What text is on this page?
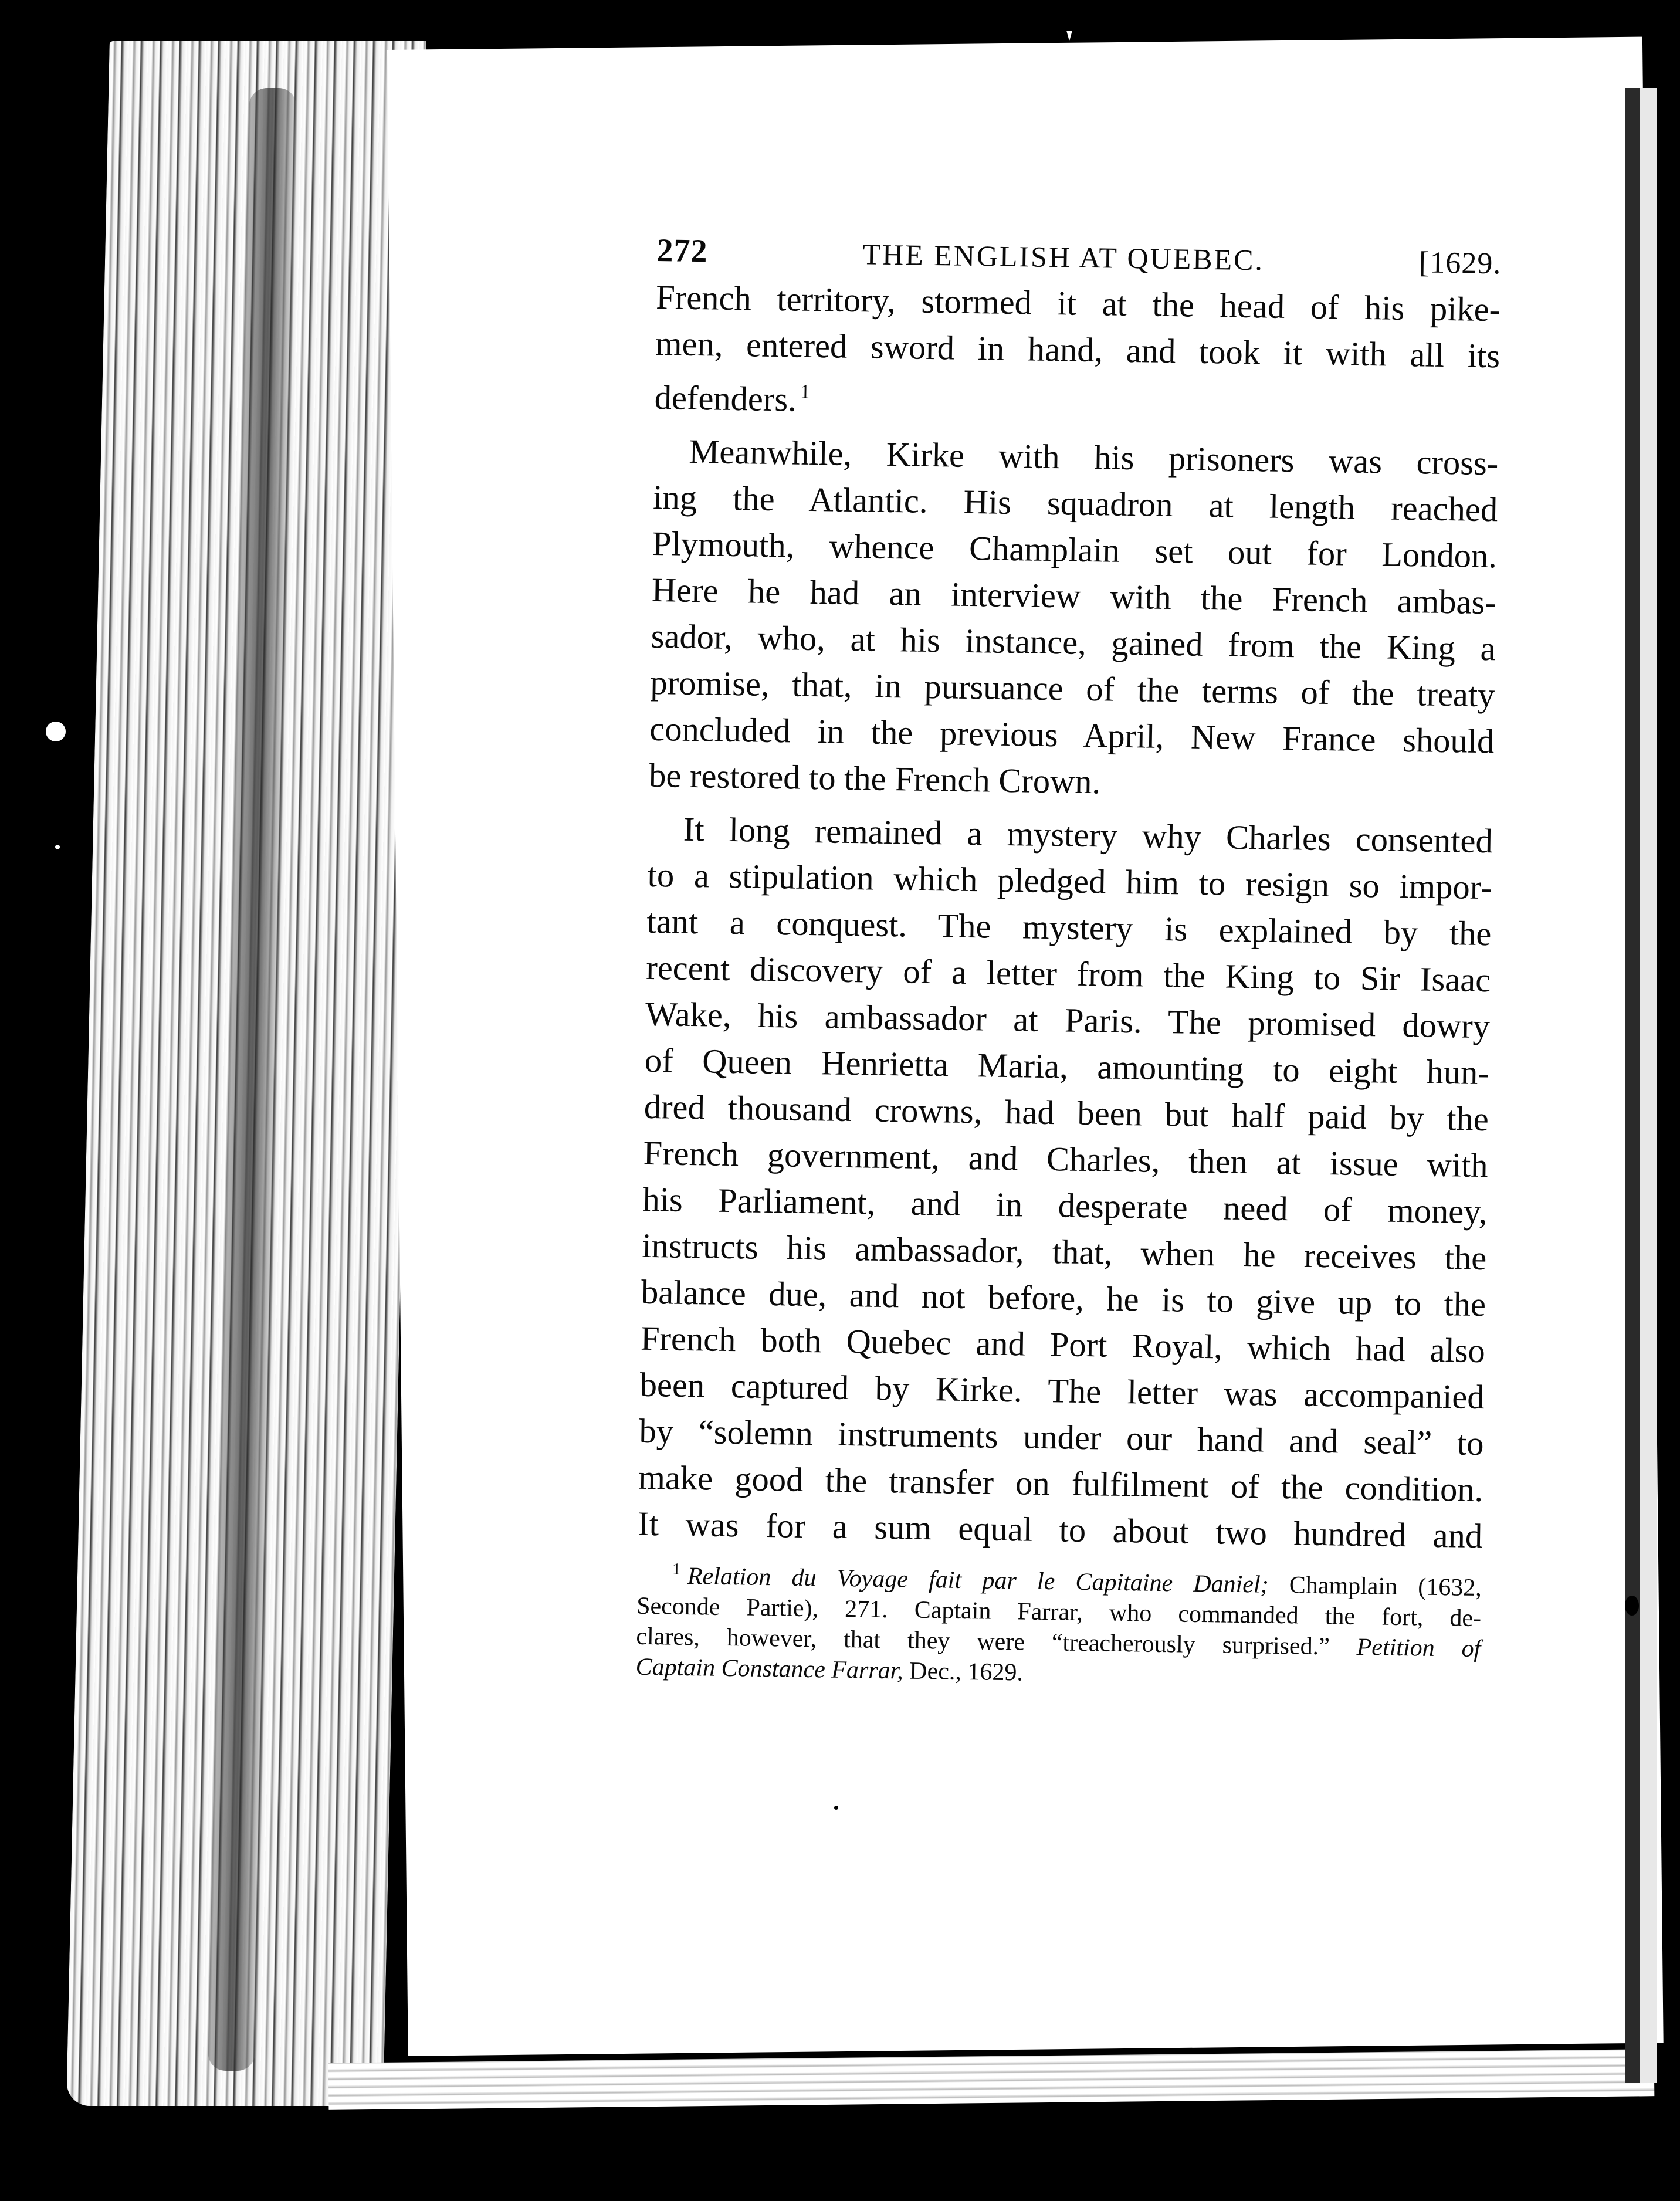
272	THE ENGLISH AT QUEBEC.	[1629.
French territory, stormed it at the head of his pike-
men, entered sword in hand, and took it with all its
defenders. $^1$
Meanwhile, Kirke with his prisoners was cross-
ing the Atlantic. His squadron at length reached
Plymouth, whence Champlain set out for London.
Here he had an interview with the French ambas-
sador, who, at his instance, gained from the King a
promise, that, in pursuance of the terms of the treaty
concluded in the previous April, New France should
be restored to the French Crown.
It long remained a mystery why Charles consented
to a stipulation which pledged him to resign so impor-
tant a conquest. The mystery is explained by the
recent discovery of a letter from the King to Sir Isaac
Wake, his ambassador at Paris. The promised dowry
of Queen Henrietta Maria, amounting to eight hun-
dred thousand crowns, had been but half paid by the
French government, and Charles, then at issue with
his Parliament, and in desperate need of money,
instructs his ambassador, that, when he receives the
balance due, and not before, he is to give up to the
French both Quebec and Port Royal, which had also
been captured by Kirke. The letter was accompanied
by “solemn instruments under our hand and seal” to
make good the transfer on fulfilment of the condition.
It was for a sum equal to about two hundred and
$^1$ Relation du Voyage fait par le Capitaine Daniel; Champlain (1632,
Seconde Partie), 271. Captain Farrar, who commanded the fort, de-
clares, however, that they were “treacherously surprised.” Petition of
Captain Constance Farrar, Dec., 1629.
